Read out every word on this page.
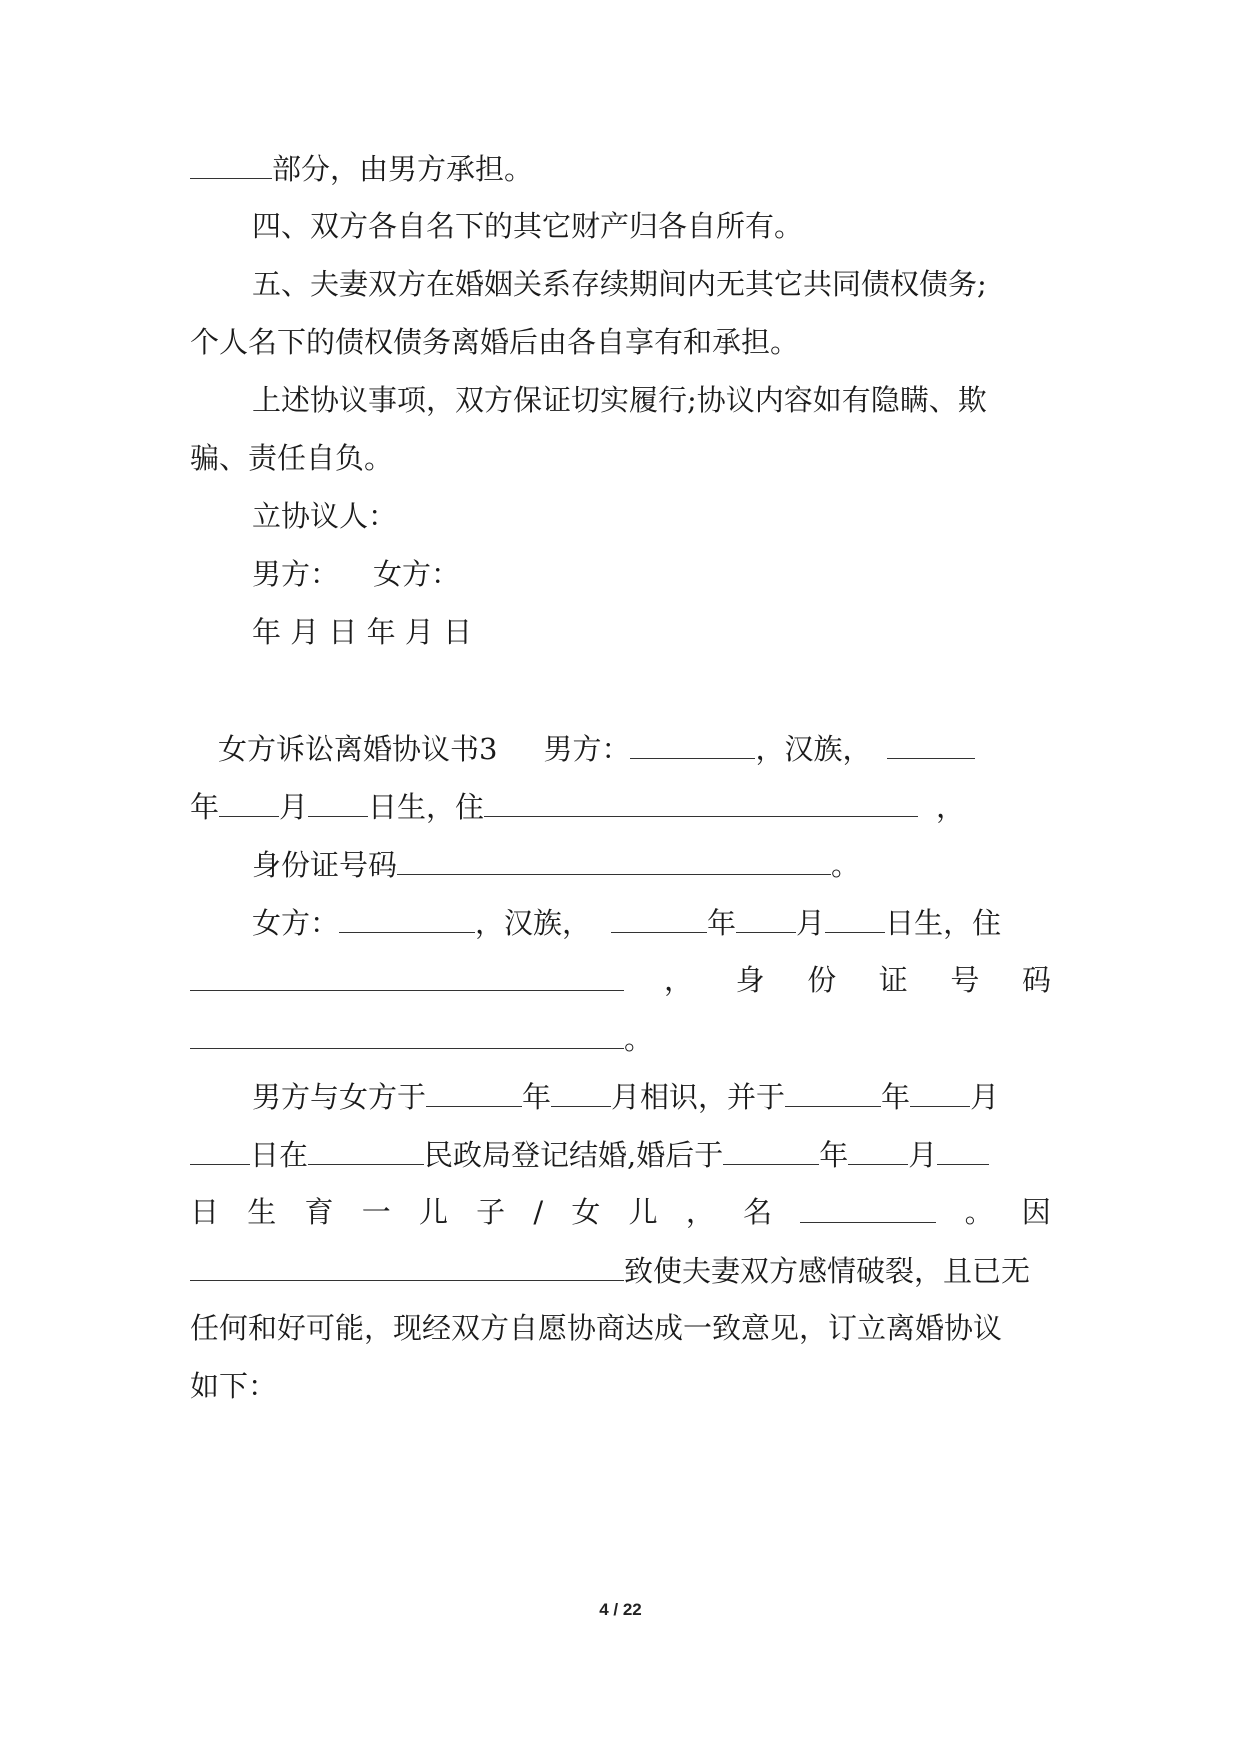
部分，由男方承担。
四、双方各自名下的其它财产归各自所有。
五、夫妻双方在婚姻关系存续期间内无其它共同债权债务;
个人名下的债权债务离婚后由各自享有和承担。
上述协议事项，双方保证切实履行;协议内容如有隐瞒、欺
骗、责任自负。
立协议人：
男方： 女方：
年 月 日 年 月 日
女方诉讼离婚协议书3 男方：	，汉族，
年 月 日生，住	，
身份证号码	。
女方：	，汉族，	年 月 日生，住
， 身 份 证 号 码
。
男方与女方于	年 月相识，并于	年 月
日在	民政局登记结婚,婚后于	年 月
日 生 育 一 儿 子 / 女 儿 ， 名	。 因
致使夫妻双方感情破裂，且已无
任何和好可能，现经双方自愿协商达成一致意见，订立离婚协议
如下：
4 / 22
